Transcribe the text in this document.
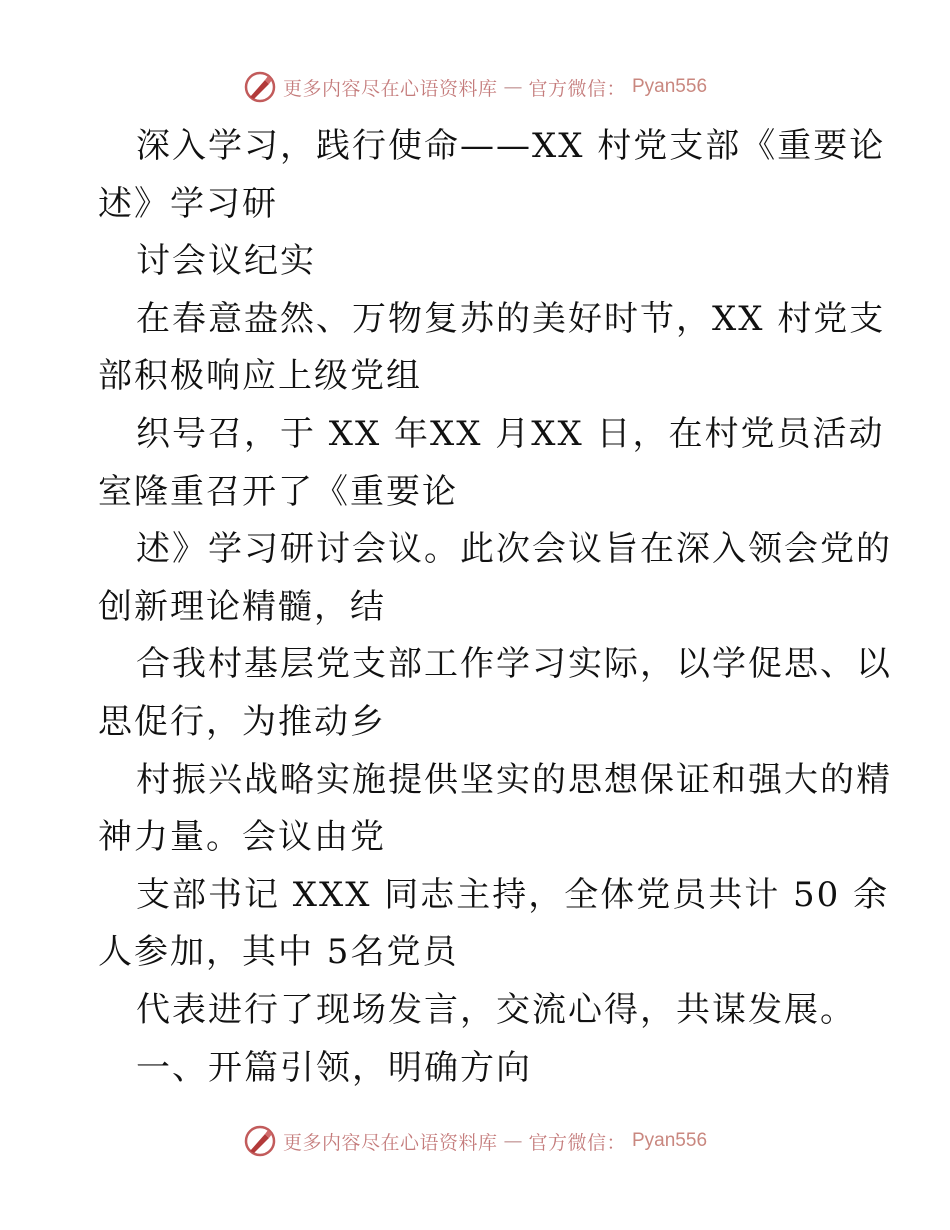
更多内容尽在心语资料库 — 官方微信： Pyan556
深入学习，践行使命——XX 村党支部《重要论
述》学习研
讨会议纪实
在春意盎然、万物复苏的美好时节，XX 村党支
部积极响应上级党组
织号召，于 XX 年XX 月XX 日，在村党员活动
室隆重召开了《重要论
述》学习研讨会议。此次会议旨在深入领会党的
创新理论精髓，结
合我村基层党支部工作学习实际，以学促思、以
思促行，为推动乡
村振兴战略实施提供坚实的思想保证和强大的精
神力量。会议由党
支部书记 XXX 同志主持，全体党员共计 50 余
人参加，其中 5名党员
代表进行了现场发言，交流心得，共谋发展。
一、开篇引领，明确方向
更多内容尽在心语资料库 — 官方微信： Pyan556
